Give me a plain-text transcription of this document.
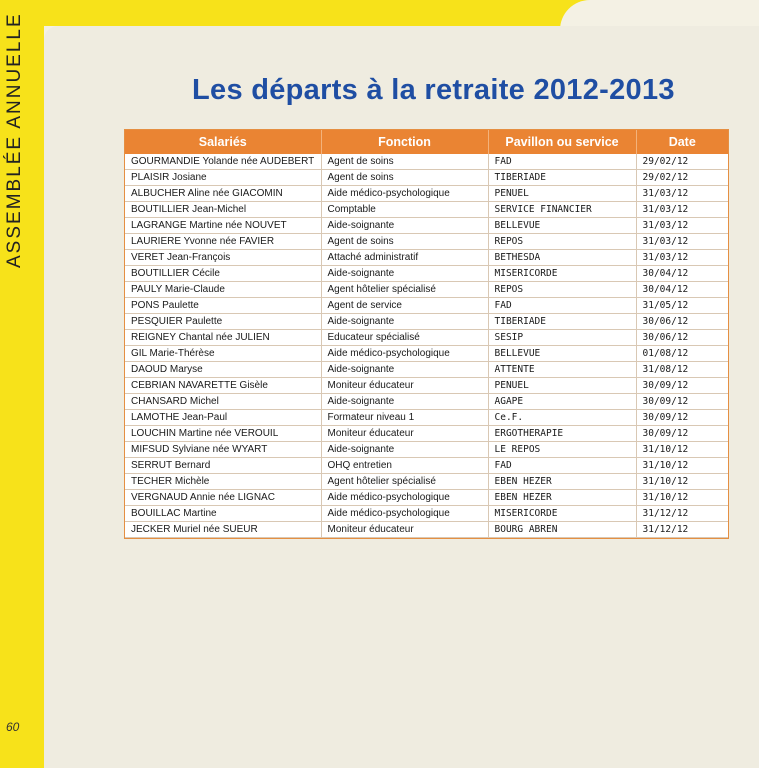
ASSEMBLÉE ANNUELLE
60
Les départs à la retraite 2012-2013
Salariés	Fonction	Pavillon ou service	Date
GOURMANDIE Yolande née AUDEBERT	Agent de soins	FAD	29/02/12
PLAISIR Josiane	Agent de soins	TIBERIADE	29/02/12
ALBUCHER Aline née GIACOMIN	Aide médico-psychologique	PENUEL	31/03/12
BOUTILLIER Jean-Michel	Comptable	SERVICE FINANCIER	31/03/12
LAGRANGE Martine née NOUVET	Aide-soignante	BELLEVUE	31/03/12
LAURIERE Yvonne née FAVIER	Agent de soins	REPOS	31/03/12
VERET Jean-François	Attaché administratif	BETHESDA	31/03/12
BOUTILLIER Cécile	Aide-soignante	MISERICORDE	30/04/12
PAULY Marie-Claude	Agent hôtelier spécialisé	REPOS	30/04/12
PONS Paulette	Agent de service	FAD	31/05/12
PESQUIER Paulette	Aide-soignante	TIBERIADE	30/06/12
REIGNEY Chantal née JULIEN	Educateur spécialisé	SESIP	30/06/12
GIL Marie-Thérèse	Aide médico-psychologique	BELLEVUE	01/08/12
DAOUD Maryse	Aide-soignante	ATTENTE	31/08/12
CEBRIAN NAVARETTE Gisèle	Moniteur éducateur	PENUEL	30/09/12
CHANSARD Michel	Aide-soignante	AGAPE	30/09/12
LAMOTHE Jean-Paul	Formateur niveau 1	Ce.F.	30/09/12
LOUCHIN Martine née VEROUIL	Moniteur éducateur	ERGOTHERAPIE	30/09/12
MIFSUD Sylviane née WYART	Aide-soignante	LE REPOS	31/10/12
SERRUT Bernard	OHQ entretien	FAD	31/10/12
TECHER Michèle	Agent hôtelier spécialisé	EBEN HEZER	31/10/12
VERGNAUD Annie née LIGNAC	Aide médico-psychologique	EBEN HEZER	31/10/12
BOUILLAC Martine	Aide médico-psychologique	MISERICORDE	31/12/12
JECKER Muriel née SUEUR	Moniteur éducateur	BOURG ABREN	31/12/12
